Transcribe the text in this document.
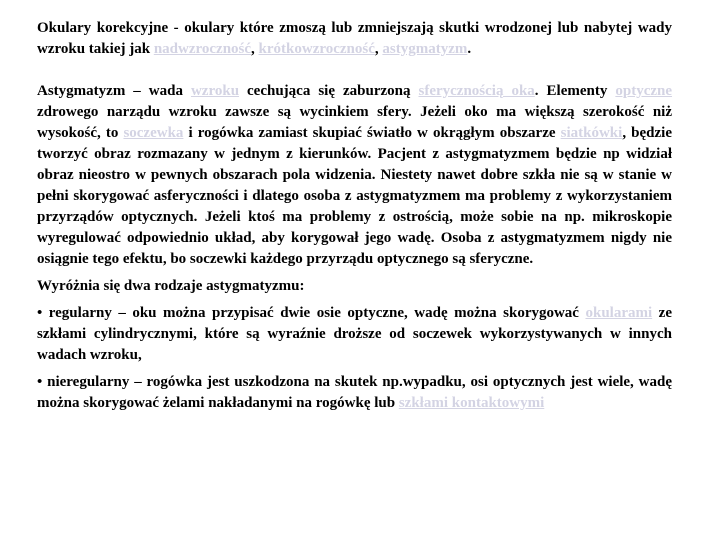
Okulary korekcyjne - okulary które zmoszą lub zmniejszają skutki wrodzonej lub nabytej wady wzroku takiej jak nadwzroczność, krótkowzroczność, astygmatyzm.

Astygmatyzm – wada wzroku cechująca się zaburzoną sferycznością oka. Elementy optyczne zdrowego narządu wzroku zawsze są wycinkiem sfery. Jeżeli oko ma większą szerokość niż wysokość, to soczewka i rogówka zamiast skupiać światło w okrągłym obszarze siatkówki, będzie tworzyć obraz rozmazany w jednym z kierunków. Pacjent z astygmatyzmem będzie np widział obraz nieostro w pewnych obszarach pola widzenia. Niestety nawet dobre szkła nie są w stanie w pełni skorygować asferyczności i dlatego osoba z astygmatyzmem ma problemy z wykorzystaniem przyrządów optycznych. Jeżeli ktoś ma problemy z ostrością, może sobie na np. mikroskopie wyregulować odpowiednio układ, aby korygował jego wadę. Osoba z astygmatyzmem nigdy nie osiągnie tego efektu, bo soczewki każdego przyrządu optycznego są sferyczne.

Wyróżnia się dwa rodzaje astygmatyzmu:

• regularny – oku można przypisać dwie osie optyczne, wadę można skorygować okularami ze szkłami cylindrycznymi, które są wyraźnie droższe od soczewek wykorzystywanych w innych wadach wzroku,

• nieregularny – rogówka jest uszkodzona na skutek np.wypadku, osi optycznych jest wiele, wadę można skorygować żelami nakładanymi na rogówkę lub szkłami kontaktowymi
